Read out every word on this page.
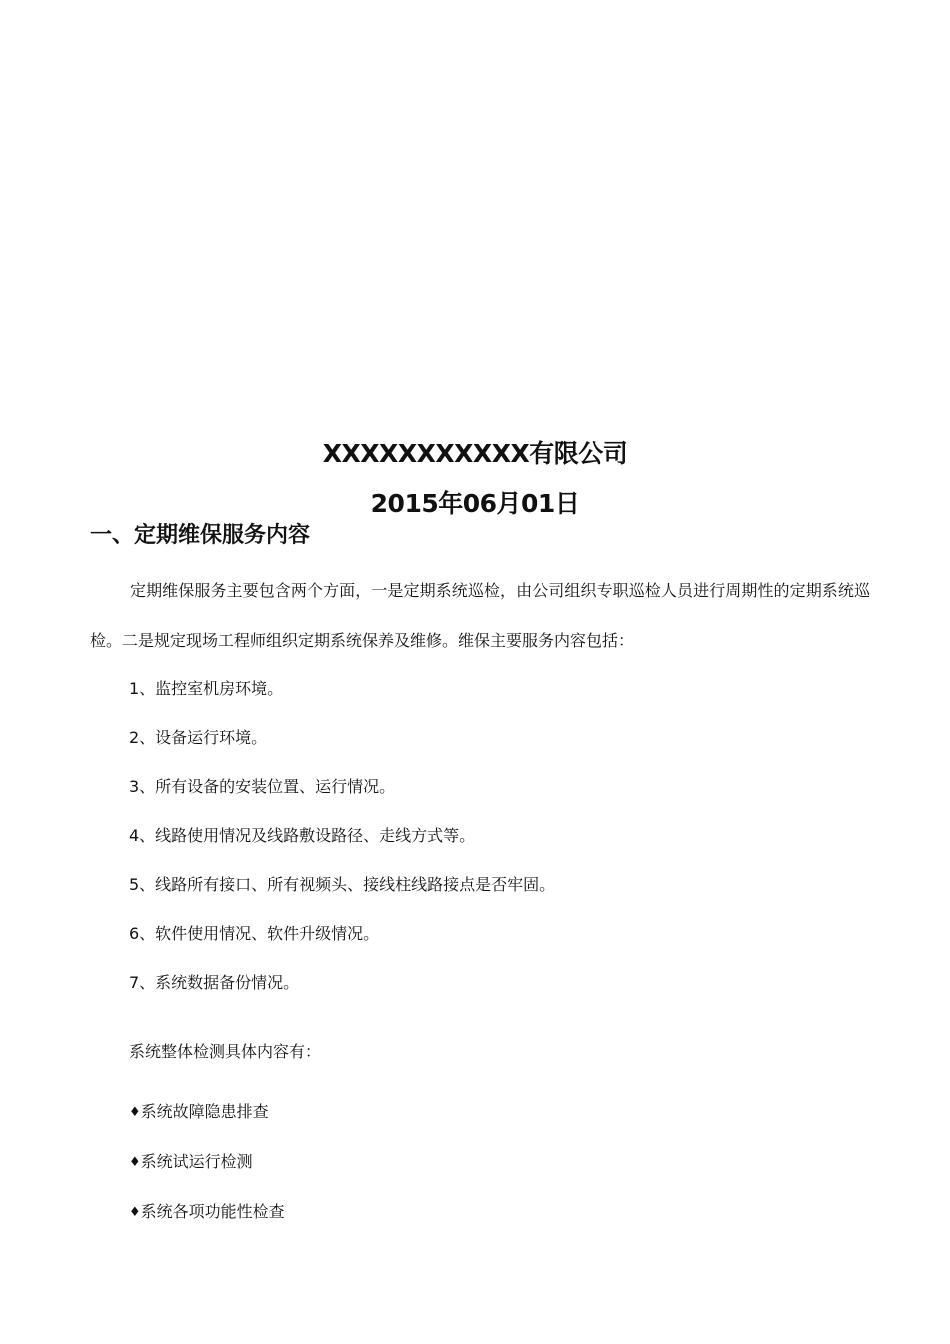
XXXXXXXXXXX有限公司
2015年06月01日
一、定期维保服务内容
定期维保服务主要包含两个方面，一是定期系统巡检，由公司组织专职巡检人员进行周期性的定期系统巡检。二是规定现场工程师组织定期系统保养及维修。维保主要服务内容包括：
1、监控室机房环境。
2、设备运行环境。
3、所有设备的安装位置、运行情况。
4、线路使用情况及线路敷设路径、走线方式等。
5、线路所有接口、所有视频头、接线柱线路接点是否牢固。
6、软件使用情况、软件升级情况。
7、系统数据备份情况。
系统整体检测具体内容有：
♦系统故障隐患排查
♦系统试运行检测
♦系统各项功能性检查
